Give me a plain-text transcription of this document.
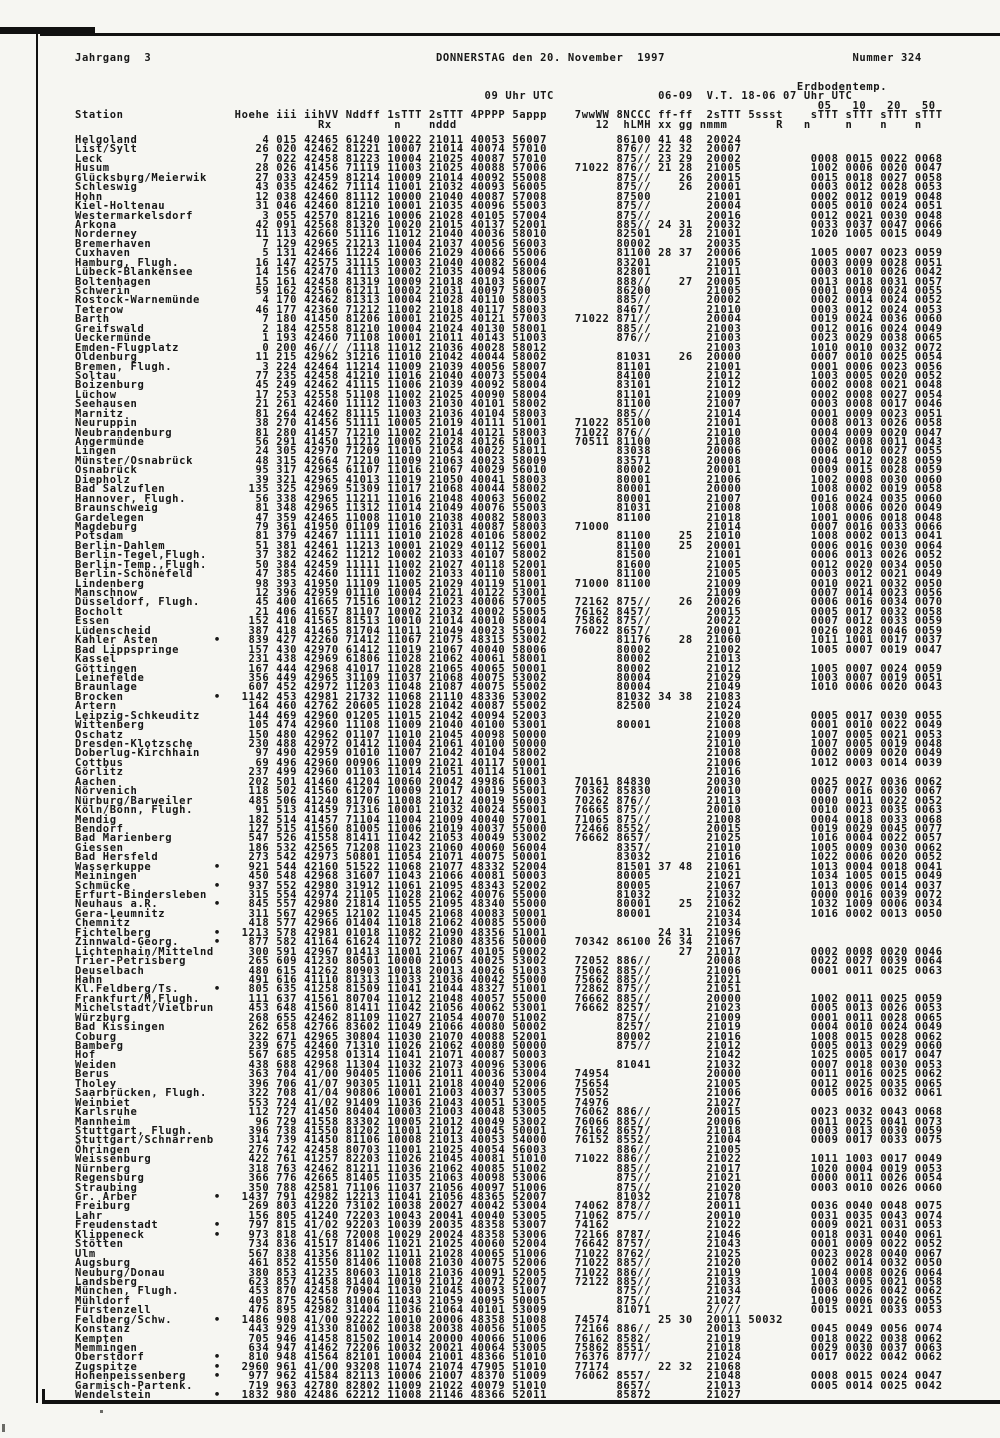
Jahrgang  3                                         DONNERSTAG den 20. November  1997                           Nummer 324
Erdbodentemp.
09 Uhr UTC               06-09  V.T. 18-06 07 Uhr UTC
05   10   20   50
Station                Hoehe iii iihVV Nddff 1sTTT 2sTTT 4PPPP 5appp    7wwWW 8NCCC ff-ff  2sTTT 5ssst    sTTT sTTT sTTT sTTT
Rx         n    nddd                    12  hLMH xx gg nmmm       R   n     n    n    n
Helgoland                  4 015 42465 61240 10022 21011 40053 56007          86100 41 48  20024
List/Sylt                 26 020 42462 81221 10007 21014 40074 57010          876// 22 32  20007
Leck                       7 022 42458 81223 10004 21025 40087 57010          875// 23 29  20002          0008 0015 0022 0068
Husum                     28 026 41456 71119 11003 21025 40088 57006    71022 876// 21 28  21005          1002 0006 0020 0047
Glücksburg/Meierwik       27 033 42459 81214 10009 21014 40092 55008          875//    26  20015          0015 0018 0027 0058
Schleswig                 43 035 42462 71114 11001 21032 40093 56005          875//    26  20001          0003 0012 0028 0053
Hohn                      12 038 42460 81112 10000 21040 40087 57008          87500        21001          0002 0012 0019 0048
Kiel-Holtenau             31 046 42460 81210 10001 21035 40096 55003          875//        20004          0005 0010 0024 0051
Westermarkelsdorf          3 055 42570 81216 10006 21028 40105 57004          875//        20016          0012 0021 0030 0048
Arkona                    42 091 42568 81320 10020 21015 40137 52001          885// 24 31  20032          0033 0037 0047 0066
Norderney                 11 113 42660 51116 11012 21040 40036 58010          82501    28  21001          1020 1005 0015 0049
Bremerhaven                7 129 42965 21213 11004 21037 40056 56003          80002        20035
Cuxhaven                   5 131 42466 11224 10006 21029 40066 55006          81100 28 37  20006          1005 0007 0023 0059
Hamburg, Flugh.           16 147 42575 31115 10003 21040 40082 56004          83201        21005          0003 0009 0028 0051
Lübeck-Blankensee         14 156 42470 41113 10002 21035 40094 58006          82801        21011          0003 0010 0026 0042
Boltenhagen               15 161 42458 81319 10009 21018 40103 56007          888//    27  20005          0013 0018 0031 0057
Schwerin                  59 162 42560 61211 10002 21031 40097 58005          86200        21005          0001 0009 0024 0055
Rostock-Warnemünde         4 170 42462 81313 10004 21028 40110 58003          885//        20002          0002 0014 0024 0052
Teterow                   46 177 42360 71212 11002 21018 40117 58003          8467/        21010          0003 0012 0024 0053
Barth                      7 180 41450 81206 10001 21025 40121 57003    71022 871//        20004          0019 0024 0036 0060
Greifswald                 2 184 42558 81210 10004 21024 40130 58001          885//        21003          0012 0016 0024 0049
Ueckermünde                1 193 42460 71108 10001 21011 40143 51003          876//        21003          0023 0029 0038 0065
Emden-Flugplatz            0 200 46/// /1118 11012 21036 40028 58012                       21003          1010 0010 0032 0072
Oldenburg                 11 215 42962 31216 11010 21042 40044 58002          81031    26  20000          0007 0010 0025 0054
Bremen, Flugh.             3 224 42464 11214 11009 21039 40056 58007          81101        21001          0001 0006 0023 0056
Soltau                    77 235 42458 41210 11016 21040 40073 55004          84100        21012          1003 0005 0020 0052
Boizenburg                45 249 42462 41115 11006 21039 40092 58004          83101        21012          0002 0008 0021 0048
Lüchow                    17 253 42558 51108 11002 21025 40090 58004          81101        21009          0002 0008 0027 0054
Seehausen                 21 261 42460 11112 11003 21030 40101 58002          81100        21007          0003 0008 0017 0046
Marnitz                   81 264 42462 81115 11003 21036 40104 58003          885//        21014          0001 0009 0023 0051
Neuruppin                 38 270 41456 51111 10005 21019 40111 51001    71022 85100        21001          0008 0013 0026 0058
Neubrandenburg            81 280 41457 71210 11002 21014 40121 58003    71022 876//        21010          0004 0009 0020 0047
Angermünde                56 291 41450 11212 10005 21028 40126 51001    70511 81100        21008          0002 0008 0011 0043
Lingen                    24 305 42970 71209 11010 21054 40022 58011          83038        20006          0006 0010 0027 0055
Münster/Osnabrück         48 315 42664 71210 11009 21063 40023 58009          83571        20008          0004 0012 0028 0059
Osnabrück                 95 317 42965 61107 11016 21067 40029 56010          80002        20001          0009 0015 0028 0059
Diepholz                  39 321 42965 41013 11019 21050 40041 58003          80001        21006          1002 0008 0030 0060
Bad Salzuflen            135 325 42969 51309 11017 21068 40044 58002          80001        20000          1008 0002 0019 0058
Hannover, Flugh.          56 338 42965 11211 11016 21048 40063 56002          80001        21007          0016 0024 0035 0060
Braunschweig              81 348 42965 11312 11014 21049 40076 55003          81031        21008          1008 0006 0020 0049
Gardelegen                47 359 42465 11008 11010 21038 40082 58003          81100        21018          1001 0006 0018 0048
Magdeburg                 79 361 41950 01109 11016 21031 40087 58003    71000              21014          0007 0016 0033 0066
Potsdam                   81 379 42467 11111 11010 21028 40106 58002          81100    25  21010          1008 0002 0013 0041
Berlin-Dahlem             51 381 42461 11213 10001 21029 40112 56001          81100    25  20001          0006 0016 0030 0064
Berlin-Tegel,Flugh.       37 382 42462 11212 10002 21033 40107 58002          81500        21001          0006 0013 0026 0052
Berlin-Temp.,Flugh.       50 384 42459 11111 11002 21027 40118 52001          81600        21005          0012 0020 0034 0050
Berlin-Schönefeld         47 385 42460 11111 11002 21033 40110 58001          81100        21005          0003 0012 0021 0049
Lindenberg                98 393 41950 11109 11005 21029 40119 51001    71000 81100        21009          0010 0021 0032 0050
Manschnow                 12 396 42959 01110 10004 21021 40122 53001                       21009          0007 0014 0023 0056
Düsseldorf, Flugh.        45 400 41665 71516 10012 21023 40006 57005    72162 875//    26  20026          0006 0016 0034 0070
Bocholt                   21 406 41657 81107 10002 21032 40002 55005    76162 8457/        20015          0005 0017 0032 0058
Essen                    152 410 41565 81513 10010 21014 40010 58004    75862 875//        20022          0007 0012 0033 0059
Lüdenscheid              387 418 41465 81704 11011 21049 40023 55001    76022 8657/        20001          0026 0028 0046 0059
Kahler Asten        •    839 427 42260 71412 11067 21075 48315 53002          81176    28  21060          1011 1001 0017 0037
Bad Lippspringe          157 430 42970 61412 11019 21067 40040 58006          80002        21002          1005 0007 0019 0047
Kassel                   231 438 42969 61806 11028 21062 40061 58001          80002        21013
Göttingen                167 444 42968 41017 11028 21065 40065 50001          80002        21012          1005 0007 0024 0059
Leinefelde               356 449 42965 31109 11037 21068 40075 53002          80004        21029          1003 0007 0019 0051
Braunlage                607 452 42972 11203 11048 21087 40075 55002          80004        21049          1010 0006 0020 0043
Brocken             •   1142 453 42981 21732 11068 21110 48336 53002          81032 34 38  21083
Artern                   164 460 42762 20605 11028 21042 40087 55002          82500        21024
Leipzig-Schkeuditz       144 469 42960 01205 11015 21042 40094 52003                       21020          0005 0017 0030 0055
Wittenberg               105 474 42960 11108 11009 21040 40100 53001          80001        21008          0001 0010 0022 0049
Oschatz                  150 480 42962 01107 11010 21045 40098 50000                       21009          1007 0005 0021 0053
Dresden-Klotzsche        230 488 42972 01412 11004 21061 40100 50000                       21010          1007 0005 0019 0048
Doberlug-Kirchhain        97 490 42959 01010 11007 21042 40104 58002                       21008          0002 0009 0020 0049
Cottbus                   69 496 42960 00906 11009 21021 40117 50001                       21006          1012 0003 0014 0039
Görlitz                  237 499 42960 01103 11014 21051 40114 51001                       21016
Aachen                   202 501 41460 41204 10060 20042 49986 56003    70161 84830        20030          0025 0027 0036 0062
Nörvenich                118 502 41560 61207 10009 21017 40019 55001    70362 85830        20010          0007 0016 0030 0067
Nürburg/Barweiler        485 506 41240 81706 11008 21012 40019 56003    70262 876//        21013          0000 0011 0022 0052
Köln/Bonn, Flugh.         91 513 41459 71316 10001 21032 40024 55001    76665 875//        20010          0010 0023 0035 0063
Mendig                   182 514 41457 71104 11004 21009 40040 57001    71065 875//        21008          0004 0018 0033 0068
Bendorf                  127 515 41560 81005 11006 21019 40037 55000    72466 8552/        20015          0019 0029 0045 0077
Bad Marienberg           547 526 41558 81411 11042 21053 40049 53002    76662 8657/        21025          1016 0004 0022 0057
Giessen                  186 532 42565 71208 11023 21060 40060 56004          8357/        21010          1005 0009 0030 0062
Bad Hersfeld             273 542 42973 50801 11054 21071 40075 50001          83032        21016          1022 0006 0020 0052
Wasserkuppe         •    921 544 42160 51522 11068 21077 48332 52004          81501 37 48  21061          1013 0004 0018 0041
Meiningen                450 548 42968 31607 11043 21066 40081 50003          80005        21021          1034 1005 0015 0049
Schmücke            •    937 552 42980 31912 11061 21095 48343 52002          80005        21067          1013 0006 0014 0037
Erfurt-Bindersleben      315 554 42974 21105 11028 21062 40076 55000          81032        21032          0000 0016 0039 0072
Neuhaus a.R.        •    845 557 42980 21814 11055 21095 48340 55000          80001    25  21062          1032 1009 0006 0034
Gera-Leumnitz            311 567 42965 12102 11045 21068 40083 50001          80001        21034          1016 0002 0013 0050
Chemnitz                 418 577 42966 01404 11018 21062 40085 55000                       21034
Fichtelberg         •   1213 578 42981 01018 11082 21090 48356 51001                24 31  21096
Zinnwald-Georg.     •    877 582 41164 61624 11072 21080 48356 50000    70342 86100 26 34  21067
Lichtenhain/Mittelnd     300 591 42967 01413 11001 21067 40105 50002                   27  21017          0002 0008 0020 0046
Trier-Petrisberg         265 609 41230 80501 10000 21005 40025 53002    72052 886//        20008          0022 0027 0039 0064
Deuselbach               480 615 41262 80903 10018 20013 40026 51003    75062 885//        21006          0001 0011 0025 0063
Hahn                     491 616 41110 81313 11033 21036 40042 55000    75662 885//        21021
Kl.Feldberg/Ts.     •    805 635 41258 81509 11041 21044 48327 51001    72862 875//        21051
Frankfurt/M,Flugh.       111 637 41561 80704 11012 21048 40057 55000    76662 885//        20000          1002 0011 0025 0059
Michelstadt/Vielbrun     453 648 41560 81411 11042 21056 40062 53001    76662 8257/        21023          0005 0013 0026 0053
Würzburg                 268 655 42462 81109 11027 21054 40070 51002          875//        21009          0001 0011 0028 0065
Bad Kissingen            262 658 42766 83602 11049 21066 40080 50002          8257/        21019          0004 0010 0024 0049
Coburg                   322 671 42965 30804 11030 21070 40088 52001          80002        21016          1008 0015 0028 0062
Bamberg                  239 675 42460 71310 11026 21062 40080 50000          875//        21012          0005 0013 0029 0060
Hof                      567 685 42958 01314 11041 21071 40087 50003                       21042          1025 0005 0017 0047
Weiden                   438 688 42968 11304 11032 21073 40096 53006          81041        21032          0007 0018 0030 0053
Berus                    363 704 41/00 90405 11006 21011 40036 53004    74954              20000          0011 0016 0025 0062
Tholey                   396 706 41/07 90305 11011 21018 40040 52006    75654              21005          0012 0025 0035 0065
Saarbrücken, Flugh.      322 708 41/04 90806 10001 21003 40037 53005    75052              21006          0005 0016 0032 0061
Weinbiet                 553 724 41/02 91409 11036 21043 40051 53005    74976              21027
Karlsruhe                112 727 41450 80404 10003 21003 40048 53005    76062 886//        20015          0023 0032 0043 0068
Mannheim                  96 729 41558 83302 10005 21012 40049 53002    76066 885//        20006          0011 0025 0041 0073
Stuttgart, Flugh.        396 738 41550 81202 11001 21012 40045 50001    76162 8657/        21018          0003 0013 0030 0059
Stuttgart/Schnarrenb     314 739 41450 81106 10008 21013 40053 54000    76152 8552/        21004          0009 0017 0033 0075
Öhringen                 276 742 42458 80703 11001 21025 40054 56003          886//        21005
Weissenburg              422 761 41257 82203 11026 21045 40081 51010    71022 886//        21022          1011 1003 0017 0049
Nürnberg                 318 763 42462 81211 11036 21062 40085 51002          885//        21017          1020 0004 0019 0053
Regensburg               366 776 42665 81405 11035 21063 40098 53006          875//        21021          0000 0011 0026 0054
Straubing                350 788 42581 71106 11037 21056 40097 51006          875//        21020          0003 0010 0026 0060
Gr. Arber           •   1437 791 42982 12213 11041 21056 48365 52007          81032        21078
Freiburg                 269 803 41220 73102 10038 20027 40042 53004    74062 878//        20011          0036 0040 0048 0075
Lahr                     156 805 41240 72203 10043 20041 40040 53005    71062 875//        20010          0031 0035 0043 0074
Freudenstadt        •    797 815 41/02 92203 10039 20035 48358 53007    74162              21022          0009 0021 0031 0053
Klippeneck          •    973 818 41/68 72008 10029 20024 48358 53006    72166 8787/        21046          0018 0031 0040 0061
Stötten                  734 836 41517 81406 11021 21025 40060 52004    76642 8757/        21043          0001 0009 0022 0052
Ulm                      567 838 41356 81102 11011 21028 40065 51006    71022 8762/        21025          0023 0028 0040 0067
Augsburg                 461 852 41550 81406 11008 21030 40075 52006    71022 885//        21020          0002 0014 0032 0050
Neuburg/Donau            380 853 41235 80603 11018 21036 40091 52005    71022 886//        21019          1004 0008 0026 0064
Landsberg                623 857 41458 81404 10019 21012 40072 52007    72122 885//        21033          1003 0005 0021 0058
München, Flugh.          453 870 42458 70904 11030 21045 40093 51007          875//        21034          0006 0026 0042 0062
Mühldorf                 405 875 42560 81006 11043 21059 40095 50005          875//        21027          1009 0006 0026 0055
Fürstenzell              476 895 42982 31404 11036 21064 40101 53009          81071        2////          0015 0021 0033 0053
Feldberg/Schw.      •   1486 908 41/00 92222 10010 20006 48358 51008    74574       25 30  20011 50032
Konstanz                 443 929 41330 81002 10038 20038 40056 51005    72166 886//        20013          0045 0049 0056 0074
Kempten                  705 946 41458 81502 10014 20000 40066 51006    76162 8582/        21019          0018 0022 0038 0062
Memmingen                634 947 41462 72206 10032 20021 40064 53005    75862 8551/        21018          0029 0030 0037 0063
Oberstdorf          •    810 948 41564 82101 10004 21001 48366 51010    76376 877//        21024          0017 0022 0042 0062
Zugspitze           •   2960 961 41/00 93208 11074 21074 47905 51010    77174       22 32  21068
Hohenpeissenberg    •    977 962 41584 82113 10006 21007 48370 51009    76062 8557/        21048          0008 0015 0024 0047
Garmisch-Partenk.        719 963 42780 82802 11009 21022 40079 51010          8657/        21013          0005 0014 0025 0042
Wendelstein         •   1832 980 42486 62212 11008 21146 48366 52011          85872        21027
